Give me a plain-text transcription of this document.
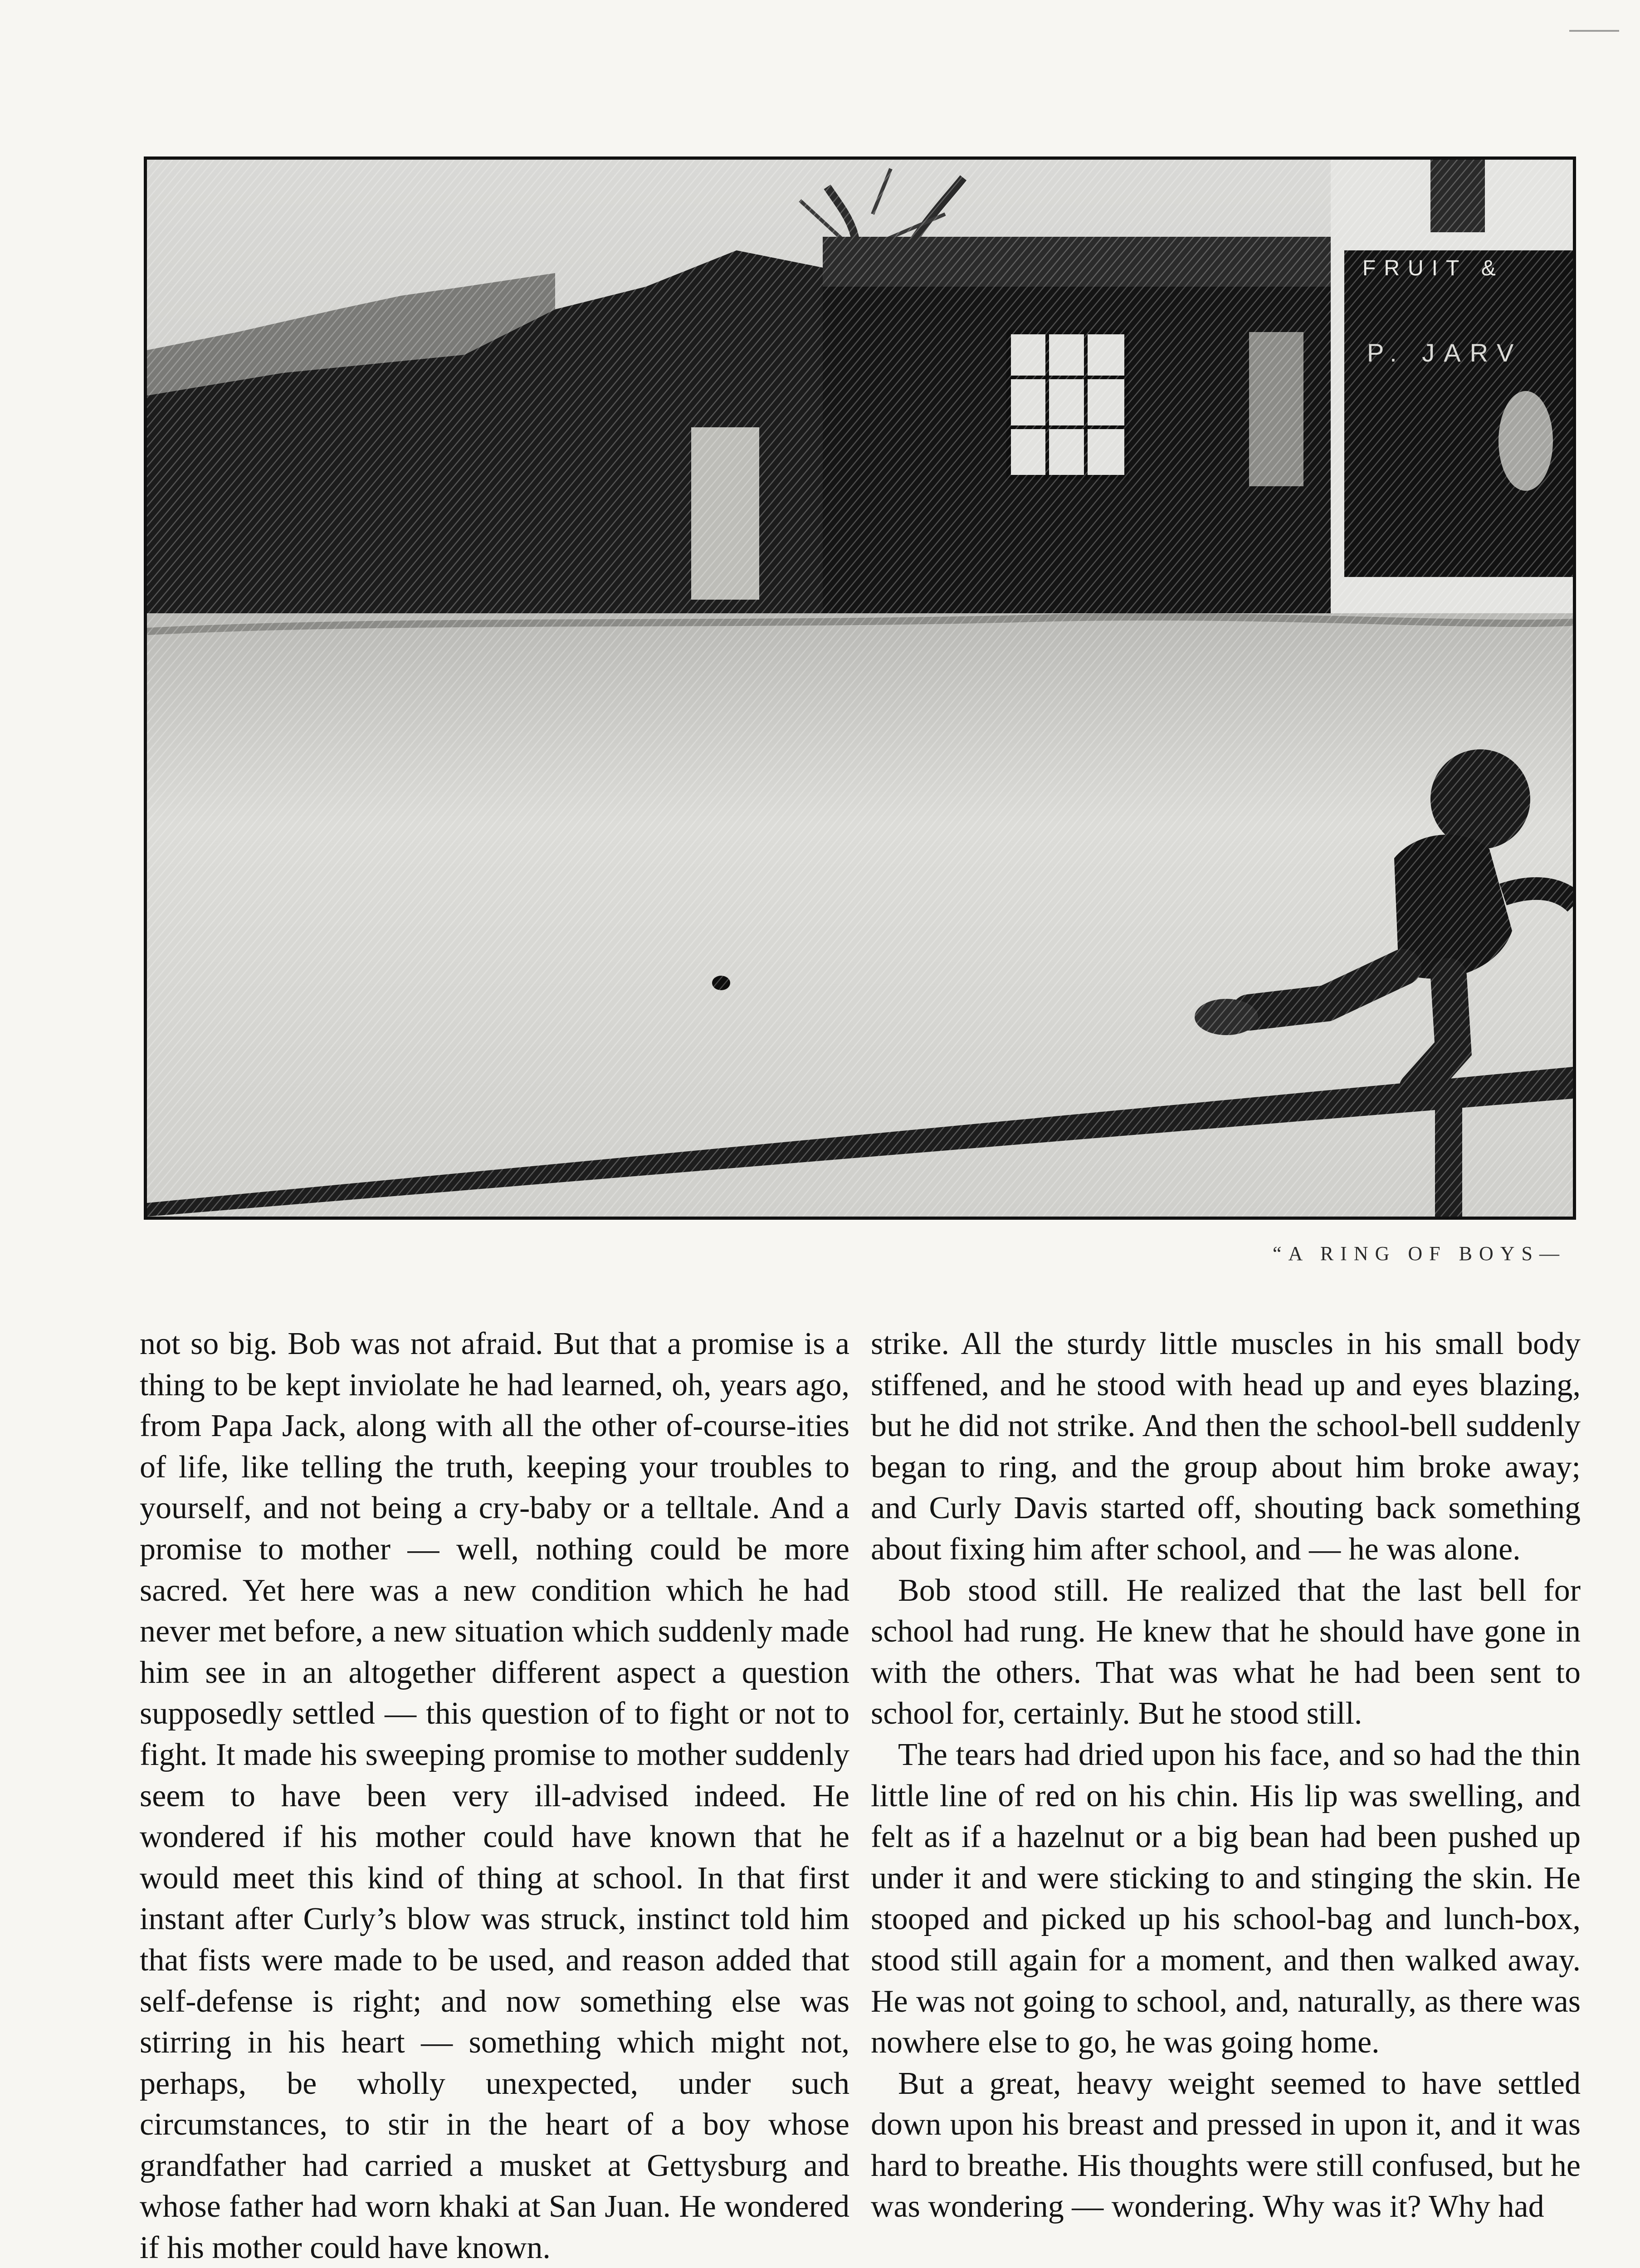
“A RING OF BOYS—

not so big. Bob was not afraid. But that a promise is a thing to be kept inviolate he had learned, oh, years ago, from Papa Jack, along with all the other of-course-ities of life, like telling the truth, keeping your troubles to yourself, and not being a cry-baby or a telltale. And a promise to mother — well, nothing could be more sacred. Yet here was a new condition which he had never met before, a new situation which suddenly made him see in an altogether different aspect a question supposedly settled — this question of to fight or not to fight. It made his sweeping promise to mother suddenly seem to have been very ill-advised indeed. He wondered if his mother could have known that he would meet this kind of thing at school. In that first instant after Curly’s blow was struck, instinct told him that fists were made to be used, and reason added that self-defense is right; and now something else was stirring in his heart — something which might not, perhaps, be wholly unexpected, under such circumstances, to stir in the heart of a boy whose grandfather had carried a musket at Gettysburg and whose father had worn khaki at San Juan. He wondered if his mother could have known.

strike. All the sturdy little muscles in his small body stiffened, and he stood with head up and eyes blazing, but he did not strike. And then the school-bell suddenly began to ring, and the group about him broke away; and Curly Davis started off, shouting back something about fixing him after school, and — he was alone.

Bob stood still. He realized that the last bell for school had rung. He knew that he should have gone in with the others. That was what he had been sent to school for, certainly. But he stood still.

The tears had dried upon his face, and so had the thin little line of red on his chin. His lip was swelling, and felt as if a hazelnut or a big bean had been pushed up under it and were sticking to and stinging the skin. He stooped and picked up his school-bag and lunch-box, stood still again for a moment, and then walked away. He was not going to school, and, naturally, as there was nowhere else to go, he was going home.

But a great, heavy weight seemed to have settled down upon his breast and pressed in upon it, and it was hard to breathe. His thoughts were still confused, but he was wondering — wondering. Why was it? Why had
